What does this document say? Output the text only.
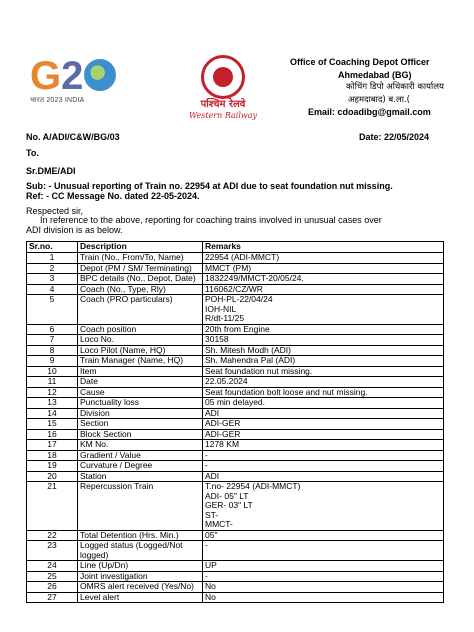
G2
भारत 2023 INDIA	पश्चिम रेलवे
Western Railway
Office of Coaching Depot Officer
Ahmedabad (BG)
कोचिंग डिपो अधिकारी कार्यालय
अहमदाबाद) ब.ला.(
Email: cdoadibg@gmail.com
No. A/ADI/C&W/BG/03	Date: 22/05/2024
To.
Sr.DME/ADI
Sub: - Unusual reporting of Train no. 22954 at ADI due to seat foundation nut missing.
Ref: - CC Message No. dated 22-05-2024.
Respected sir,
In reference to the above, reporting for coaching trains involved in unusual cases over
ADI division is as below.
Sr.no.	Description	Remarks
1	Train (No., From/To, Name)	22954 (ADI-MMCT)
2	Depot (PM / SM/ Terminating)	MMCT (PM)
3	BPC details (No., Depot, Date)	1832249/MMCT-20/05/24.
4	Coach (No., Type, Rly)	116062/CZ/WR
5	Coach (PRO particulars)	POH-PL-22/04/24
IOH-NIL
R/dt-11/25
6	Coach position	20th from Engine
7	Loco No.	30158
8	Loco Pilot (Name, HQ)	Sh. Mitesh Modh (ADI)
9	Train Manager (Name, HQ)	Sh. Mahendra Pal (ADI)
10	Item	Seat foundation nut missing.
11	Date	22.05.2024
12	Cause	Seat foundation bolt loose and nut missing.
13	Punctuality loss	05 min delayed.
14	Division	ADI
15	Section	ADI-GER
16	Block Section	ADI-GER
17	KM No.	1278 KM
18	Gradient / Value	-
19	Curvature / Degree	-
20	Station	ADI
21	Repercussion Train	T.no- 22954 (ADI-MMCT)
ADI- 05" LT
GER- 03" LT
ST-
MMCT-
22	Total Detention (Hrs. Min.)	05"
23	Logged status (Logged/Not logged)	-
24	Line (Up/Dn)	UP
25	Joint investigation	-
26	OMRS alert received (Yes/No)	No
27	Level alert	No
